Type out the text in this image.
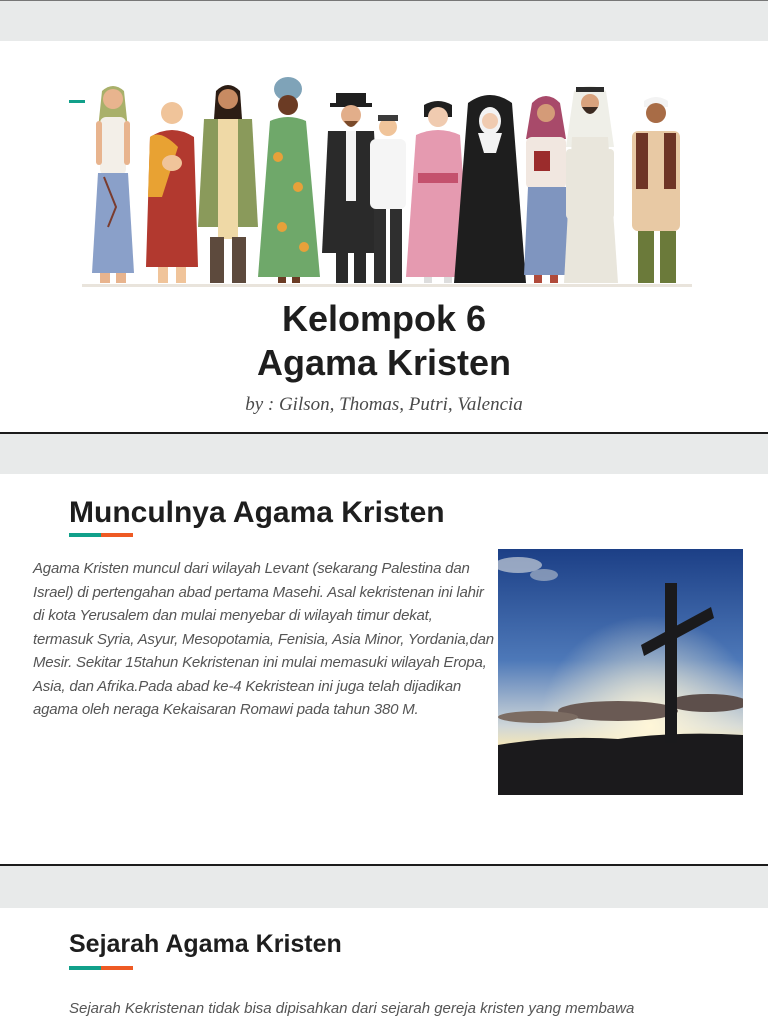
Kelompok 6
Agama Kristen

by : Gilson, Thomas, Putri, Valencia

Munculnya Agama Kristen

Agama Kristen muncul dari wilayah Levant (sekarang Palestina dan Israel) di pertengahan abad pertama Masehi. Asal kekristenan ini lahir di kota Yerusalem dan mulai menyebar di wilayah timur dekat, termasuk Syria, Asyur, Mesopotamia, Fenisia, Asia Minor, Yordania,dan Mesir. Sekitar 15tahun Kekristenan ini mulai memasuki wilayah Eropa, Asia, dan Afrika.Pada abad ke-4 Kekristean ini juga telah dijadikan agama oleh neraga Kekaisaran Romawi pada tahun 380 M.

Sejarah Agama Kristen

Sejarah Kekristenan tidak bisa dipisahkan dari sejarah gereja kristen yang membawa
